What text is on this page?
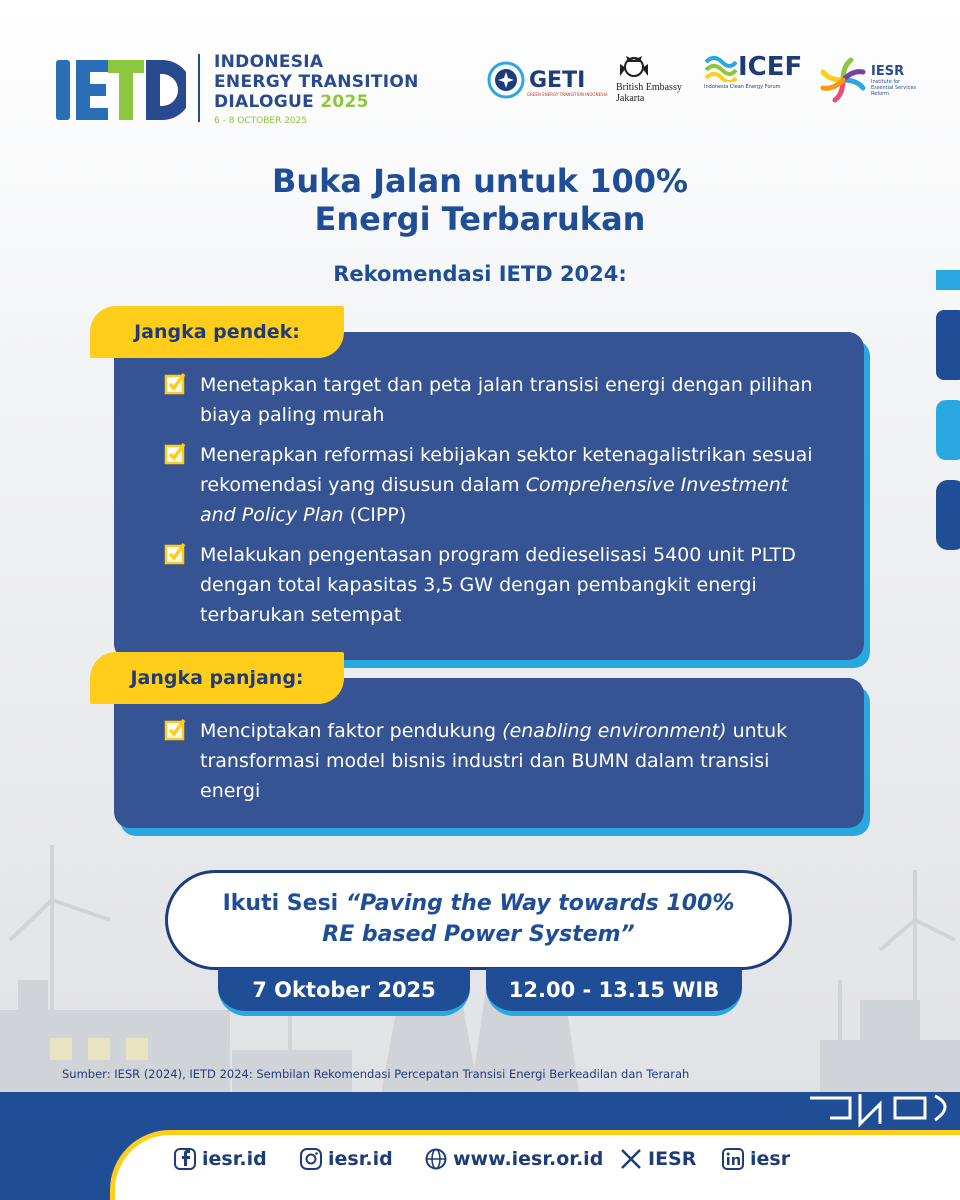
INDONESIA
ENERGY TRANSITION
DIALOGUE 2025
6 - 8 OCTOBER 2025
GETI
GREEN ENERGY TRANSITION INDONESIA
British Embassy
Jakarta
ICEF
Indonesia Clean Energy Forum
IESR
Institute for
Essential Services
Reform
Buka Jalan untuk 100%
Energi Terbarukan
Rekomendasi IETD 2024:
Jangka pendek:
Menetapkan target dan peta jalan transisi energi dengan pilihan biaya paling murah
Menerapkan reformasi kebijakan sektor ketenagalistrikan sesuai rekomendasi yang disusun dalam Comprehensive Investment and Policy Plan (CIPP)
Melakukan pengentasan program dedieselisasi 5400 unit PLTD dengan total kapasitas 3,5 GW dengan pembangkit energi terbarukan setempat
Jangka panjang:
Menciptakan faktor pendukung (enabling environment) untuk transformasi model bisnis industri dan BUMN dalam transisi energi
Ikuti Sesi “Paving the Way towards 100%
RE based Power System”
7 Oktober 2025	12.00 - 13.15 WIB
Sumber: IESR (2024), IETD 2024: Sembilan Rekomendasi Percepatan Transisi Energi Berkeadilan dan Terarah
iesr.id	iesr.id	www.iesr.or.id IESR	iesr
